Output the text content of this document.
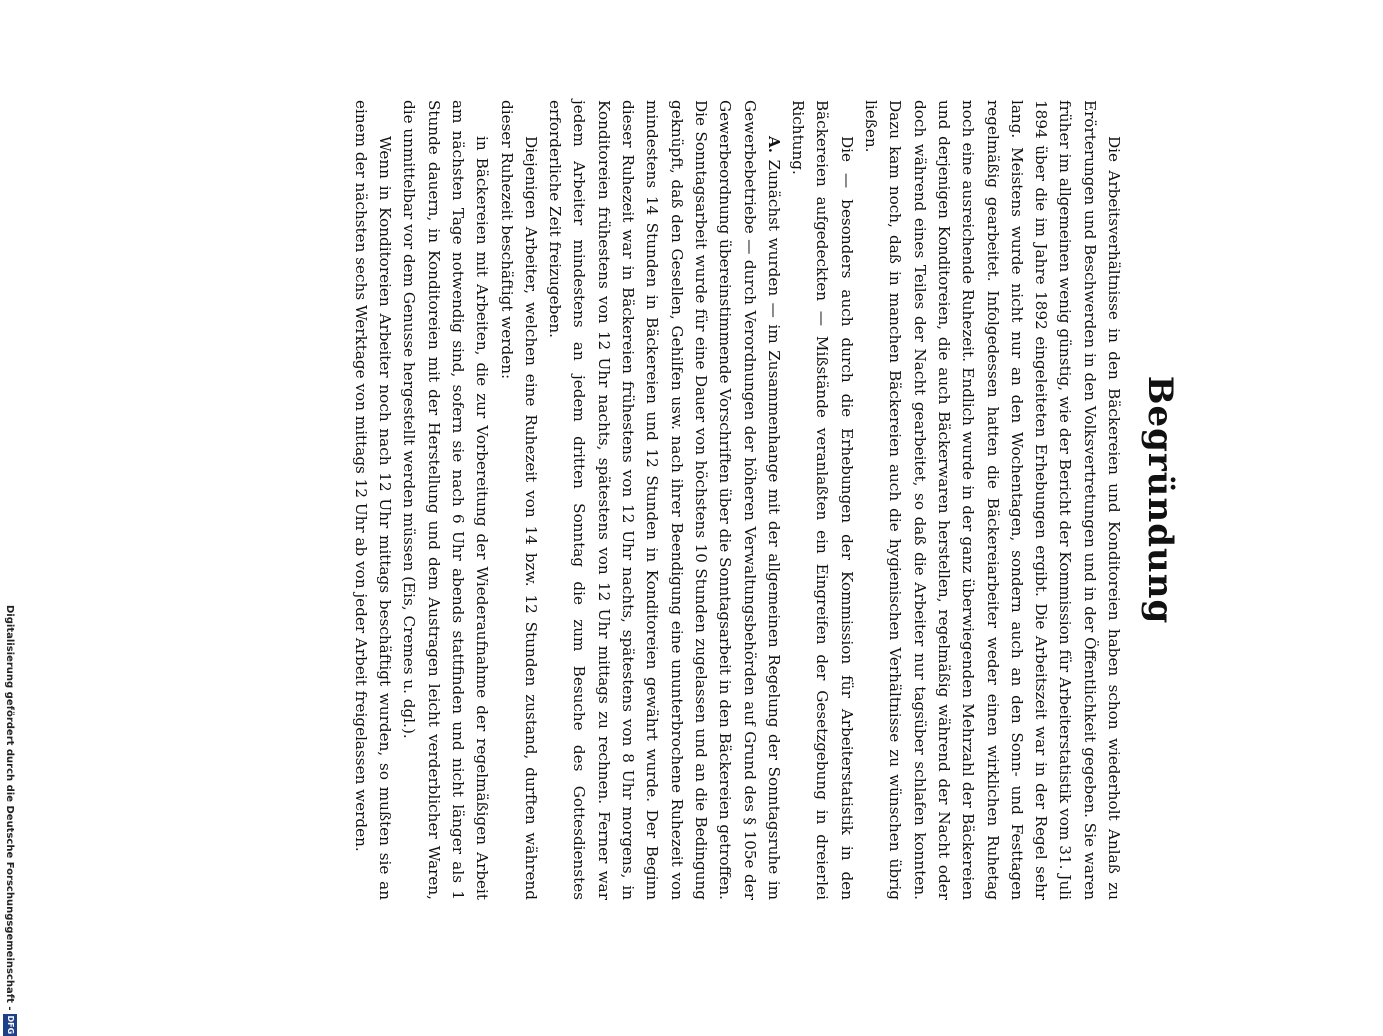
Begründung

Die Arbeitsverhältnisse in den Bäckereien und Konditoreien haben schon wiederholt Anlaß zu Erörterungen und Beschwerden in den Volksvertretungen und in der Öffentlichkeit gegeben. Sie waren früher im allgemeinen wenig günstig, wie der Bericht der Kommission für Arbeiterstatistik vom 31. Juli 1894 über die im Jahre 1892 eingeleiteten Erhebungen ergibt. Die Arbeitszeit war in der Regel sehr lang. Meistens wurde nicht nur an den Wochentagen, sondern auch an den Sonn- und Festtagen regelmäßig gearbeitet. Infolgedessen hatten die Bäckereiarbeiter weder einen wirklichen Ruhetag noch eine ausreichende Ruhezeit. Endlich wurde in der ganz überwiegenden Mehrzahl der Bäckereien und derjenigen Konditoreien, die auch Bäckerwaren herstellen, regelmäßig während der Nacht oder doch während eines Teiles der Nacht gearbeitet, so daß die Arbeiter nur tagsüber schlafen konnten. Dazu kam noch, daß in manchen Bäckereien auch die hygienischen Verhältnisse zu wünschen übrig ließen.

Die — besonders auch durch die Erhebungen der Kommission für Arbeiterstatistik in den Bäckereien aufgedeckten — Mißstände veranlaßten ein Eingreifen der Gesetzgebung in dreierlei Richtung.

A. Zunächst wurden — im Zusammenhange mit der allgemeinen Regelung der Sonntagsruhe im Gewerbebetriebe — durch Verordnungen der höheren Verwaltungsbehörden auf Grund des § 105e der Gewerbeordnung übereinstimmende Vorschriften über die Sonntagsarbeit in den Bäckereien getroffen. Die Sonntagsarbeit wurde für eine Dauer von höchstens 10 Stunden zugelassen und an die Bedingung geknüpft, daß den Gesellen, Gehilfen usw. nach ihrer Beendigung eine ununterbrochene Ruhezeit von mindestens 14 Stunden in Bäckereien und 12 Stunden in Konditoreien gewährt wurde. Der Beginn dieser Ruhezeit war in Bäckereien frühestens von 12 Uhr nachts, spätestens von 8 Uhr morgens, in Konditoreien frühestens von 12 Uhr nachts, spätestens von 12 Uhr mittags zu rechnen. Ferner war jedem Arbeiter mindestens an jedem dritten Sonntag die zum Besuche des Gottesdienstes erforderliche Zeit freizugeben.

Diejenigen Arbeiter, welchen eine Ruhezeit von 14 bzw. 12 Stunden zustand, durften während dieser Ruhezeit beschäftigt werden:

in Bäckereien mit Arbeiten, die zur Vorbereitung der Wiederaufnahme der regelmäßigen Arbeit am nächsten Tage notwendig sind, sofern sie nach 6 Uhr abends stattfinden und nicht länger als 1 Stunde dauern, in Konditoreien mit der Herstellung und dem Austragen leicht verderblicher Waren, die unmittelbar vor dem Genusse hergestellt werden müssen (Eis, Cremes u. dgl.).

Wenn in Konditoreien Arbeiter noch nach 12 Uhr mittags beschäftigt wurden, so mußten sie an einem der nächsten sechs Werktage von mittags 12 Uhr ab von jeder Arbeit freigelassen werden.

Digitalisierung gefördert durch die Deutsche Forschungsgemeinschaft -
DFG
